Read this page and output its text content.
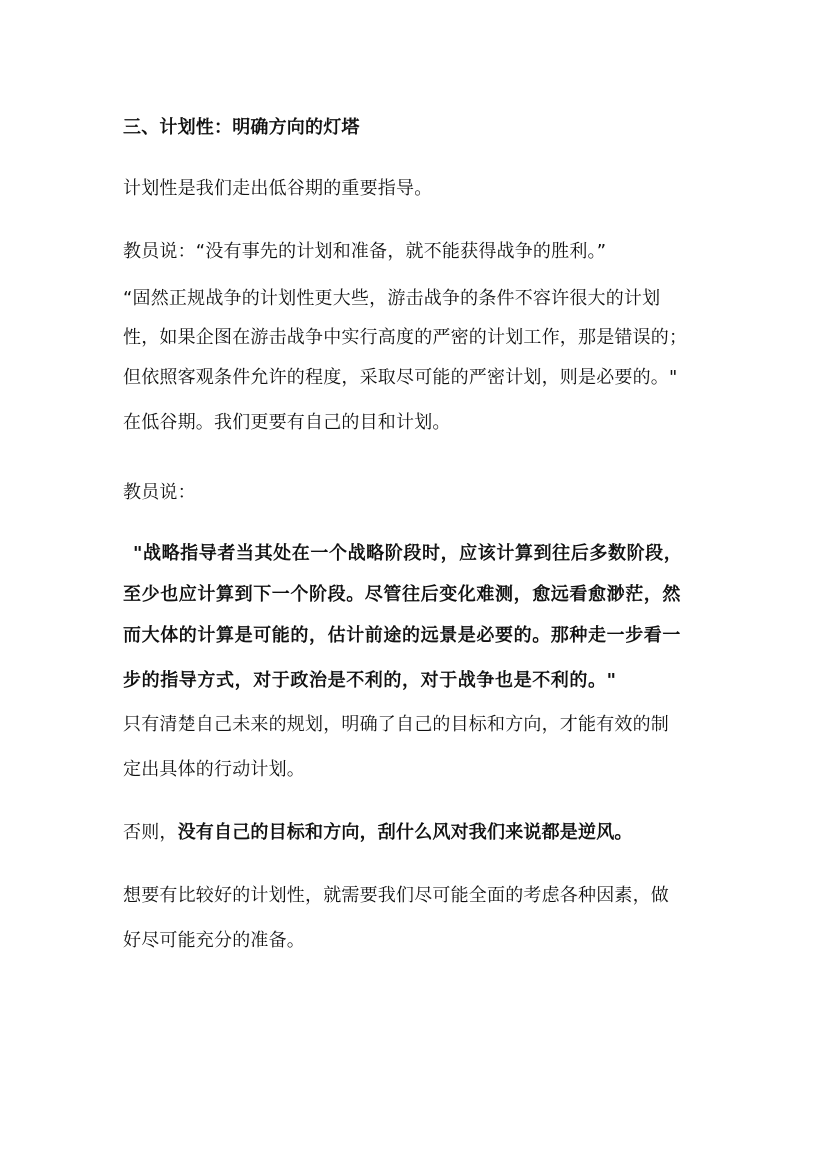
三、计划性：明确方向的灯塔
计划性是我们走出低谷期的重要指导。
教员说：“没有事先的计划和准备，就不能获得战争的胜利。”
“固然正规战争的计划性更大些，游击战争的条件不容许很大的计划
性，如果企图在游击战争中实行高度的严密的计划工作，那是错误的；
但依照客观条件允许的程度，采取尽可能的严密计划，则是必要的。"
在低谷期。我们更要有自己的目和计划。
教员说：
"战略指导者当其处在一个战略阶段时，应该计算到往后多数阶段，
至少也应计算到下一个阶段。尽管往后变化难测，愈远看愈渺茫，然
而大体的计算是可能的，估计前途的远景是必要的。那种走一步看一
步的指导方式，对于政治是不利的，对于战争也是不利的。"
只有清楚自己未来的规划，明确了自己的目标和方向，才能有效的制
定出具体的行动计划。
否则，没有自己的目标和方向，刮什么风对我们来说都是逆风。
想要有比较好的计划性，就需要我们尽可能全面的考虑各种因素，做
好尽可能充分的准备。
